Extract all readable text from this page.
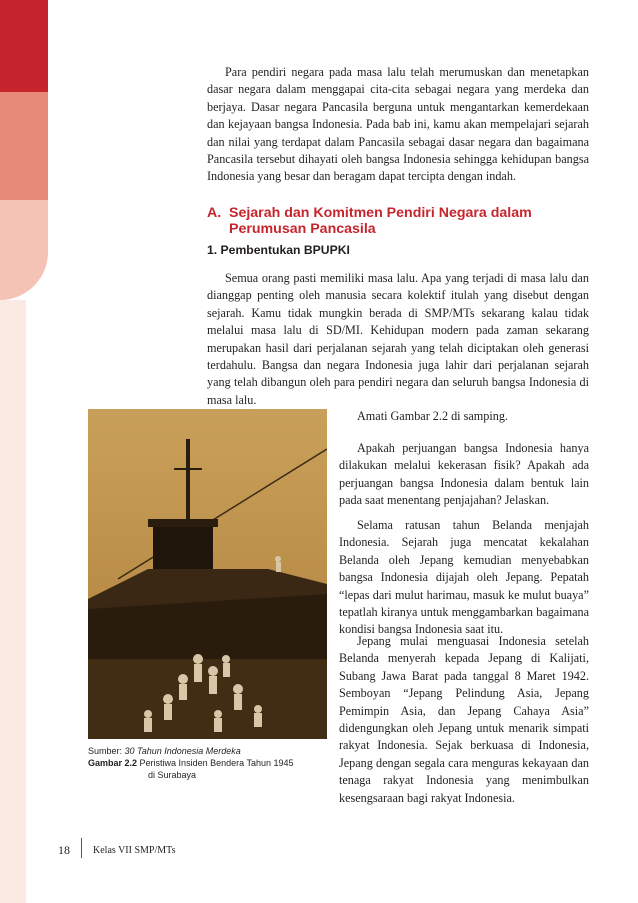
Para pendiri negara pada masa lalu telah merumuskan dan menetapkan dasar negara dalam menggapai cita-cita sebagai negara yang merdeka dan berjaya. Dasar negara Pancasila berguna untuk mengantarkan kemerdekaan dan kejayaan bangsa Indonesia. Pada bab ini, kamu akan mempelajari sejarah dan nilai yang terdapat dalam Pancasila sebagai dasar negara dan bagaimana Pancasila tersebut dihayati oleh bangsa Indonesia sehingga kehidupan bangsa Indonesia yang besar dan beragam dapat tercipta dengan indah.

A. Sejarah dan Komitmen Pendiri Negara dalam
Perumusan Pancasila
1. Pembentukan BPUPKI

Semua orang pasti memiliki masa lalu. Apa yang terjadi di masa lalu dan dianggap penting oleh manusia secara kolektif itulah yang disebut dengan sejarah. Kamu tidak mungkin berada di SMP/MTs sekarang kalau tidak melalui masa lalu di SD/MI. Kehidupan modern pada zaman sekarang merupakan hasil dari perjalanan sejarah yang telah diciptakan oleh generasi terdahulu. Bangsa dan negara Indonesia juga lahir dari perjalanan sejarah yang telah dibangun oleh para pendiri negara dan seluruh bangsa Indonesia di masa lalu.

Sumber: 30 Tahun Indonesia Merdeka
Gambar 2.2 Peristiwa Insiden Bendera Tahun 1945
di Surabaya

Amati Gambar 2.2 di samping.

Apakah perjuangan bangsa Indonesia hanya dilakukan melalui kekerasan fisik? Apakah ada perjuangan bangsa Indonesia dalam bentuk lain pada saat menentang penjajahan? Jelaskan.

Selama ratusan tahun Belanda menjajah Indonesia. Sejarah juga mencatat kekalahan Belanda oleh Jepang kemudian menyebabkan bangsa Indonesia dijajah oleh Jepang. Pepatah “lepas dari mulut harimau, masuk ke mulut buaya” tepatlah kiranya untuk menggambarkan bagaimana kondisi bangsa Indonesia saat itu.

Jepang mulai menguasai Indonesia setelah Belanda menyerah kepada Jepang di Kalijati, Subang Jawa Barat pada tanggal 8 Maret 1942. Semboyan “Jepang Pelindung Asia, Jepang Pemimpin Asia, dan Jepang Cahaya Asia” didengungkan oleh Jepang untuk menarik simpati rakyat Indonesia. Sejak berkuasa di Indonesia, Jepang dengan segala cara menguras kekayaan dan tenaga rakyat Indonesia yang menimbulkan kesengsaraan bagi rakyat Indonesia.

18 Kelas VII SMP/MTs
